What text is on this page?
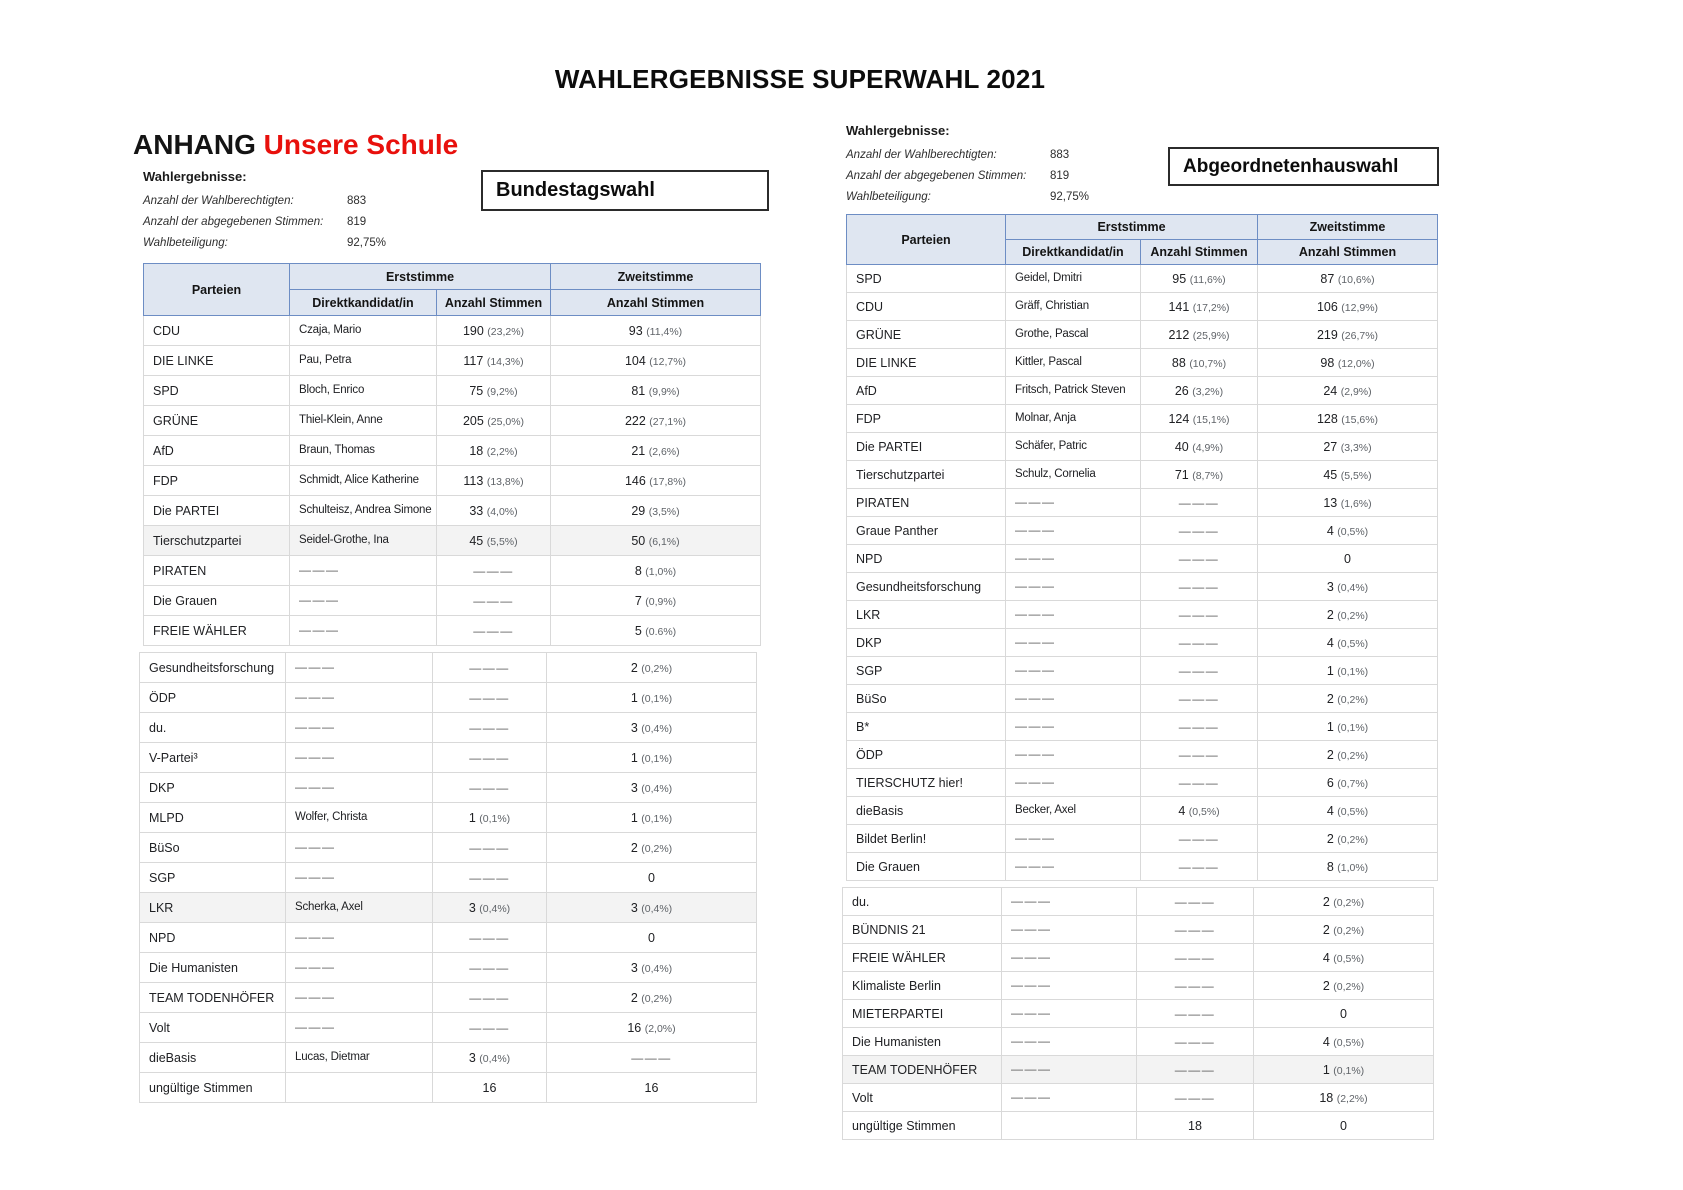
WAHLERGEBNISSE SUPERWAHL 2021
ANHANG Unsere Schule
Wahlergebnisse:
Anzahl der Wahlberechtigten:	883
Anzahl der abgegebenen Stimmen: 819
Wahlbeteiligung:	92,75%
Wahlergebnisse:
Anzahl der Wahlberechtigten:	883
Anzahl der abgegebenen Stimmen: 819
Wahlbeteiligung:	92,75%
Bundestagswahl
Abgeordnetenhauswahl
Parteien	Erststimme		Zweitstimme
	Direktkandidat/in	Anzahl Stimmen	Anzahl Stimmen
CDU	Czaja, Mario	190 (23,2%)	93 (11,4%)
DIE LINKE	Pau, Petra	117 (14,3%)	104 (12,7%)
SPD	Bloch, Enrico	75 (9,2%)	81 (9,9%)
GRÜNE	Thiel-Klein, Anne	205 (25,0%)	222 (27,1%)
AfD	Braun, Thomas	18 (2,2%)	21 (2,6%)
FDP	Schmidt, Alice Katherine	113 (13,8%)	146 (17,8%)
Die PARTEI	Schulteisz, Andrea Simone	33 (4,0%)	29 (3,5%)
Tierschutzpartei	Seidel-Grothe, Ina	45 (5,5%)	50 (6,1%)
PIRATEN	———	———	8 (1,0%)
Die Grauen	———	———	7 (0,9%)
FREIE WÄHLER	———	———	5 (0.6%)
Gesundheitsforschung	———	———	2 (0,2%)
ÖDP	———	———	1 (0,1%)
du.	———	———	3 (0,4%)
V-Partei³	———	———	1 (0,1%)
DKP	———	———	3 (0,4%)
MLPD	Wolfer, Christa	1 (0,1%)	1 (0,1%)
BüSo	———	———	2 (0,2%)
SGP	———	———	0
LKR	Scherka, Axel	3 (0,4%)	3 (0,4%)
NPD	———	———	0
Die Humanisten	———	———	3 (0,4%)
TEAM TODENHÖFER	———	———	2 (0,2%)
Volt	———	———	16 (2,0%)
dieBasis	Lucas, Dietmar	3 (0,4%)	———
ungültige Stimmen		16	16
Parteien	Erststimme		Zweitstimme
	Direktkandidat/in	Anzahl Stimmen	Anzahl Stimmen
SPD	Geidel, Dmitri	95 (11,6%)	87 (10,6%)
CDU	Gräff, Christian	141 (17,2%)	106 (12,9%)
GRÜNE	Grothe, Pascal	212 (25,9%)	219 (26,7%)
DIE LINKE	Kittler, Pascal	88 (10,7%)	98 (12,0%)
AfD	Fritsch, Patrick Steven	26 (3,2%)	24 (2,9%)
FDP	Molnar, Anja	124 (15,1%)	128 (15,6%)
Die PARTEI	Schäfer, Patric	40 (4,9%)	27 (3,3%)
Tierschutzpartei	Schulz, Cornelia	71 (8,7%)	45 (5,5%)
PIRATEN	———	———	13 (1,6%)
Graue Panther	———	———	4 (0,5%)
NPD	———	———	0
Gesundheitsforschung	———	———	3 (0,4%)
LKR	———	———	2 (0,2%)
DKP	———	———	4 (0,5%)
SGP	———	———	1 (0,1%)
BüSo	———	———	2 (0,2%)
B*	———	———	1 (0,1%)
ÖDP	———	———	2 (0,2%)
TIERSCHUTZ hier!	———	———	6 (0,7%)
dieBasis	Becker, Axel	4 (0,5%)	4 (0,5%)
Bildet Berlin!	———	———	2 (0,2%)
Die Grauen	———	———	8 (1,0%)
du.	———	———	2 (0,2%)
BÜNDNIS 21	———	———	2 (0,2%)
FREIE WÄHLER	———	———	4 (0,5%)
Klimaliste Berlin	———	———	2 (0,2%)
MIETERPARTEI	———	———	0
Die Humanisten	———	———	4 (0,5%)
TEAM TODENHÖFER	———	———	1 (0,1%)
Volt	———	———	18 (2,2%)
ungültige Stimmen		18	0
